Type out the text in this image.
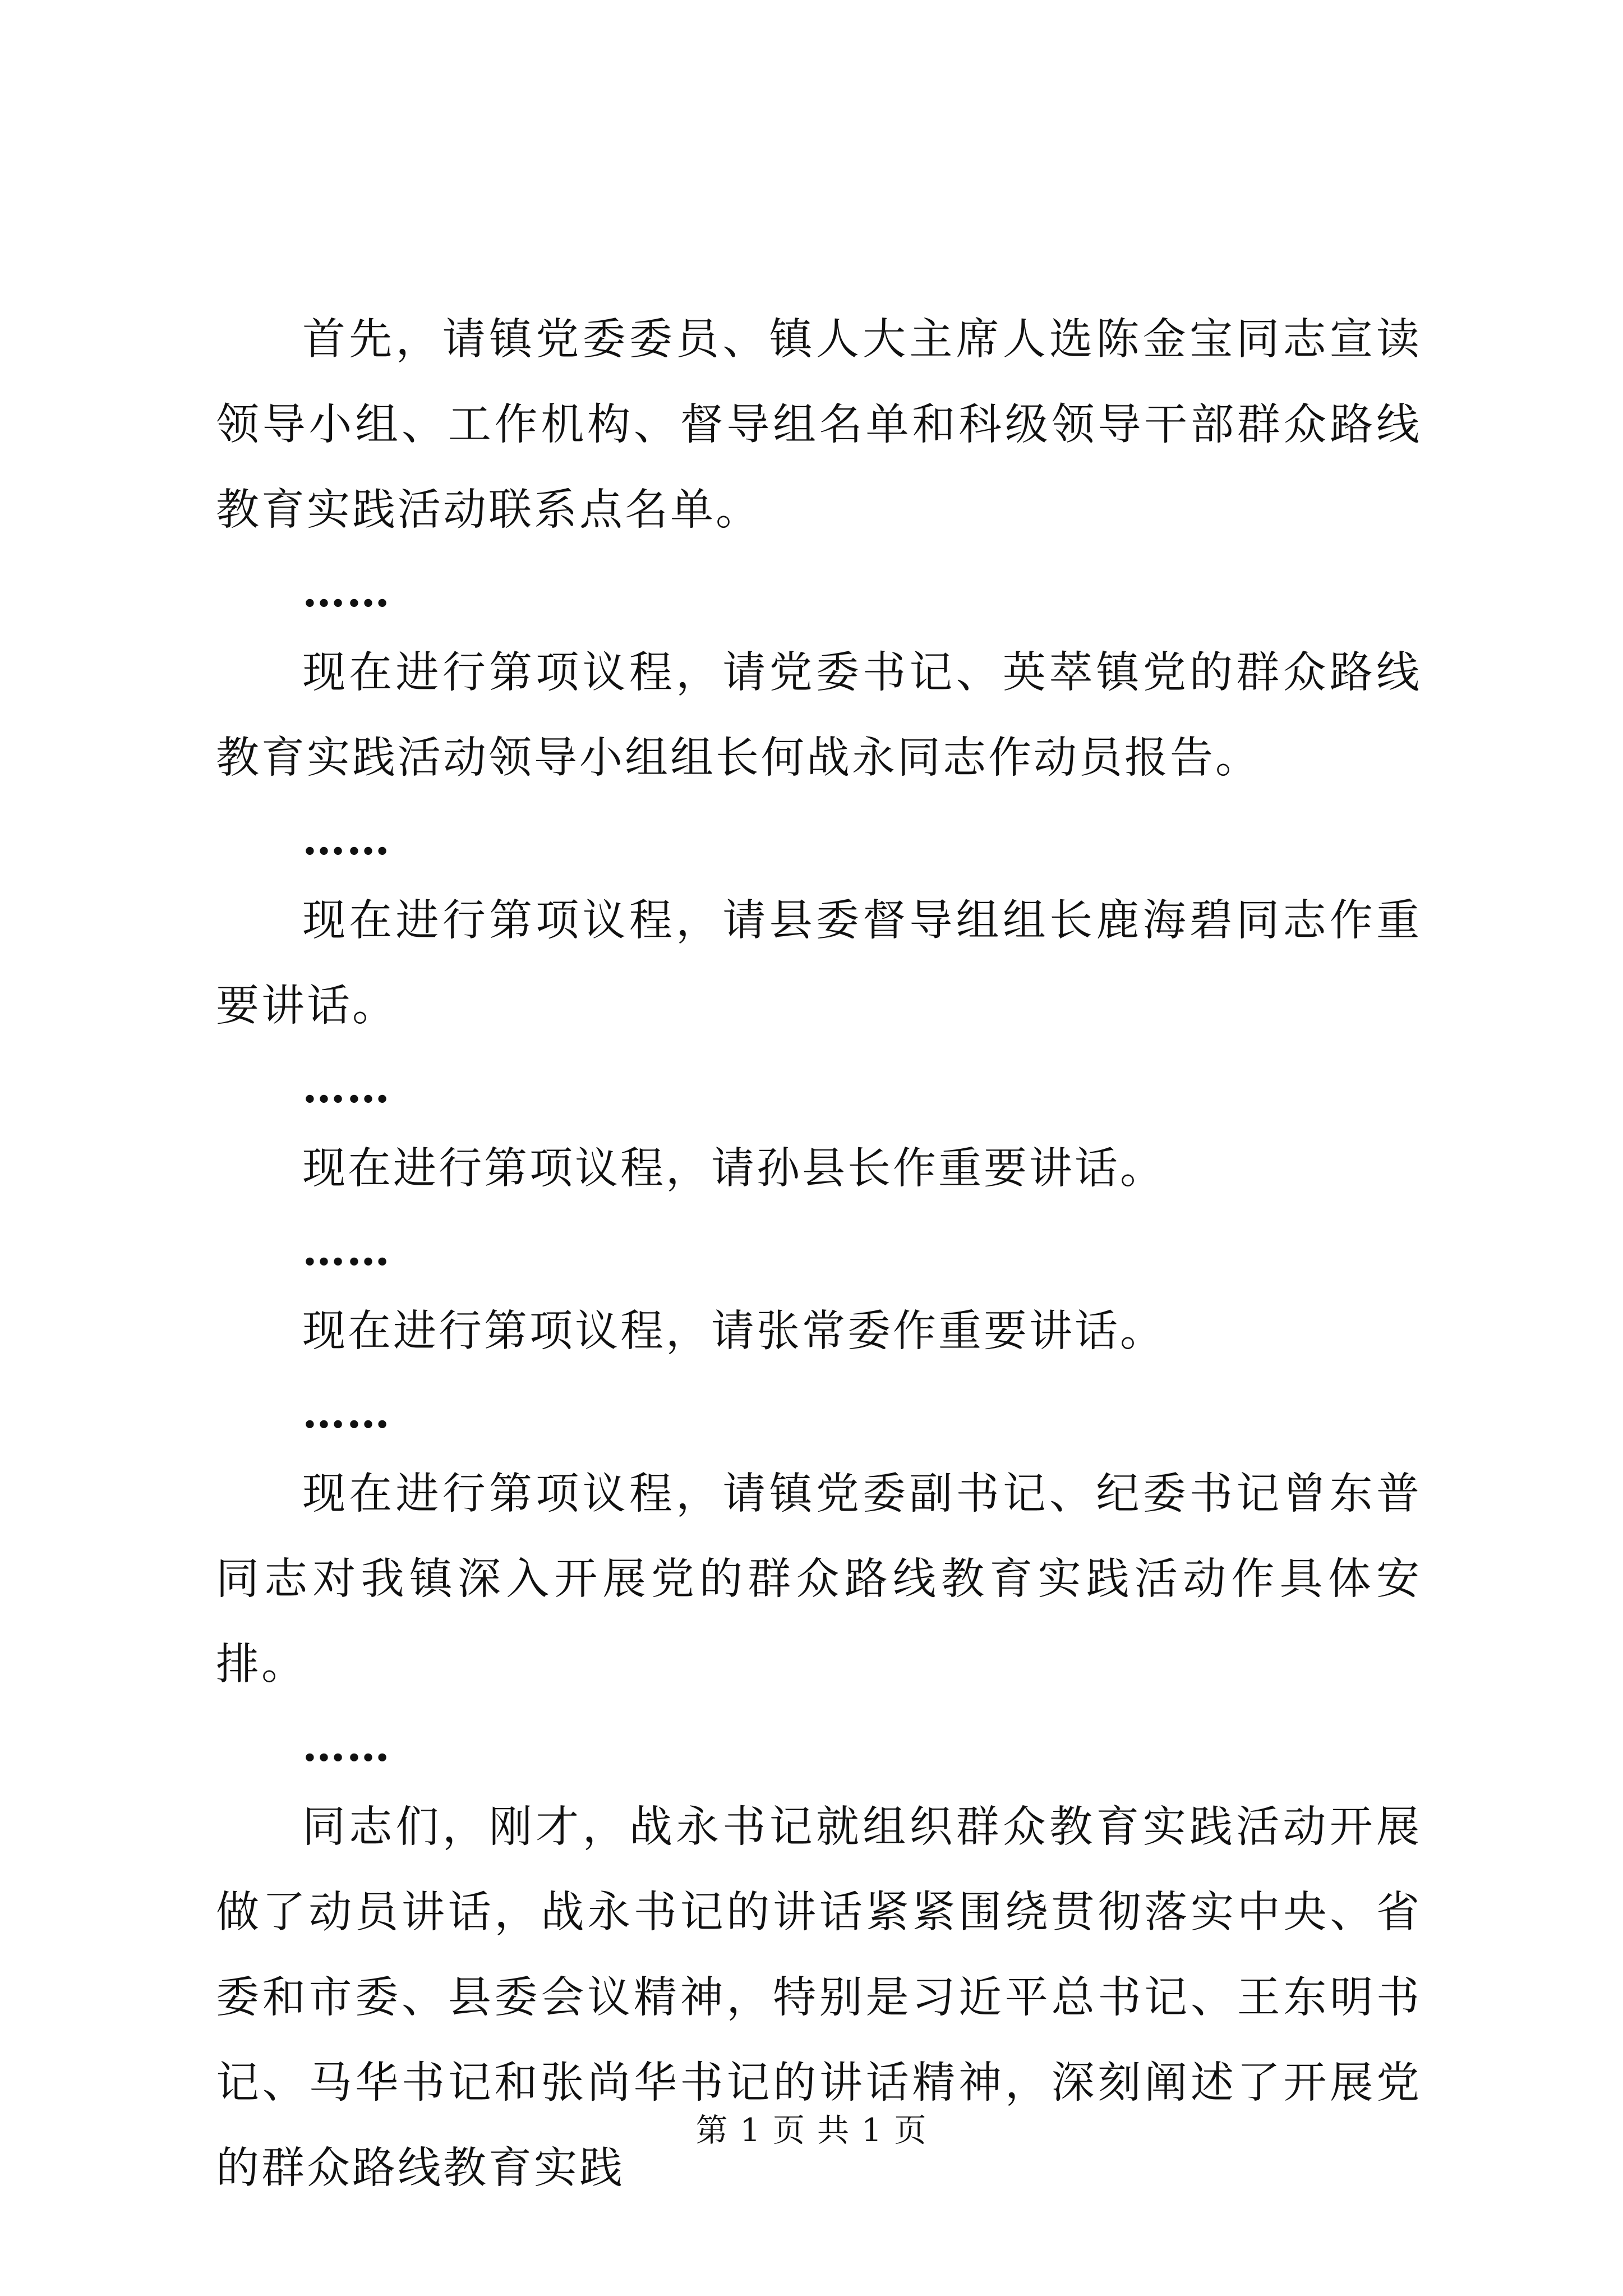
首先，请镇党委委员、镇人大主席人选陈金宝同志宣读领导小组、工作机构、督导组名单和科级领导干部群众路线教育实践活动联系点名单。

……

现在进行第项议程，请党委书记、英萃镇党的群众路线教育实践活动领导小组组长何战永同志作动员报告。

……

现在进行第项议程，请县委督导组组长鹿海碧同志作重要讲话。

……

现在进行第项议程，请孙县长作重要讲话。

……

现在进行第项议程，请张常委作重要讲话。

……

现在进行第项议程，请镇党委副书记、纪委书记曾东普同志对我镇深入开展党的群众路线教育实践活动作具体安排。

……

同志们，刚才，战永书记就组织群众教育实践活动开展做了动员讲话，战永书记的讲话紧紧围绕贯彻落实中央、省委和市委、县委会议精神，特别是习近平总书记、王东明书记、马华书记和张尚华书记的讲话精神，深刻阐述了开展党的群众路线教育实践

第 1 页 共 1 页
